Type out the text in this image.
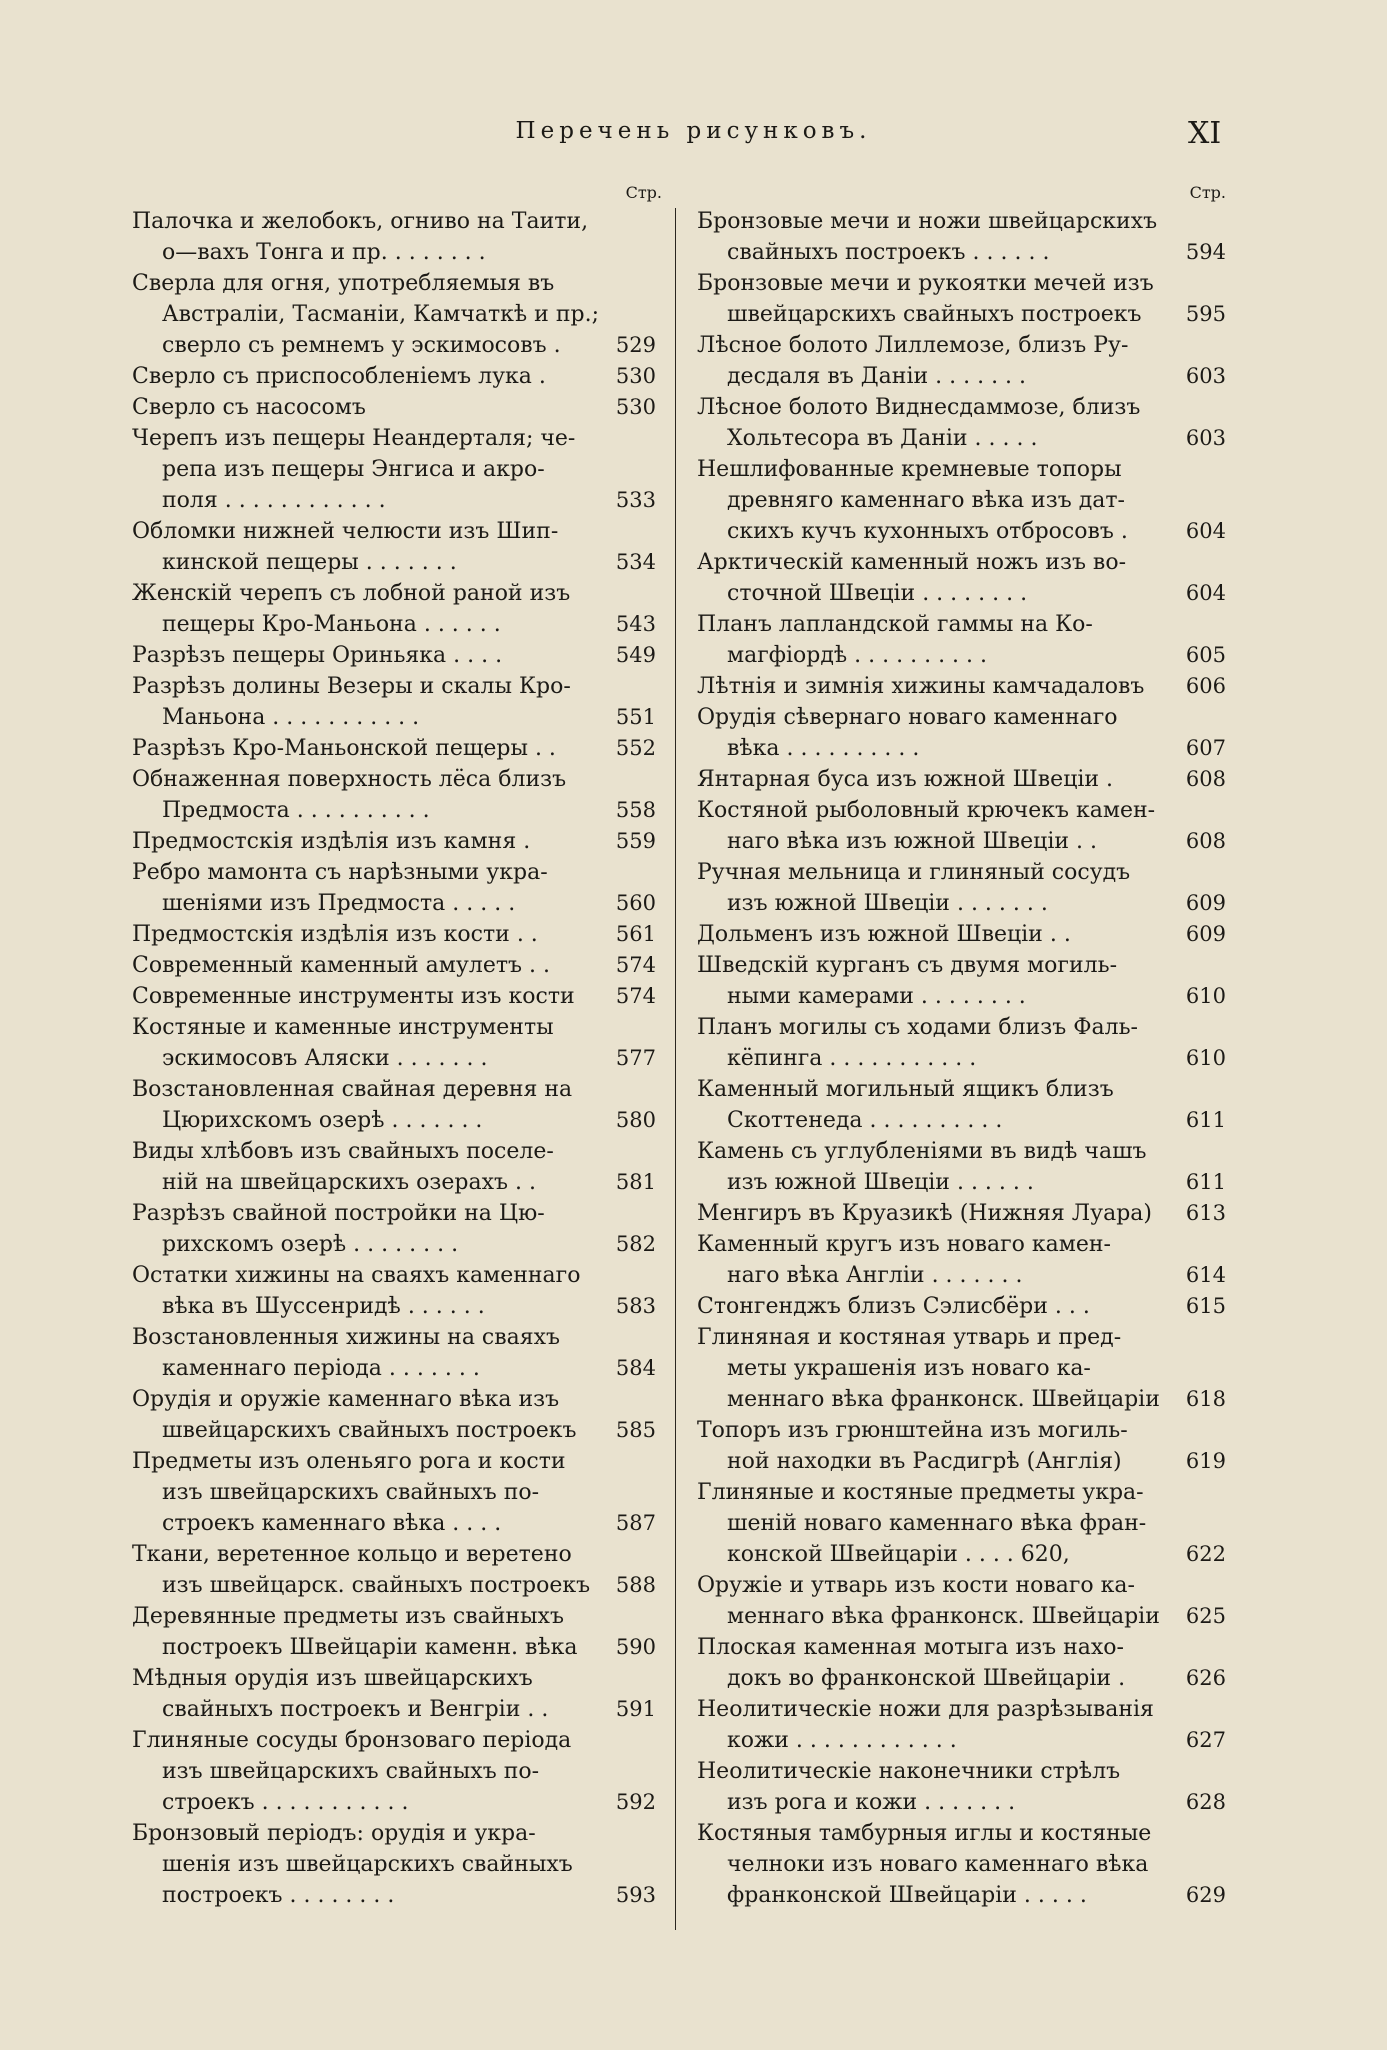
Перечень рисунковъ.	XI
Стр.
Палочка и желобокъ, огниво на Таити,
о—вахъ Тонга и пр. . . . . . . .
Сверла для огня, употребляемыя въ
Австраліи, Тасманіи, Камчаткѣ и пр.;
сверло съ ремнемъ у эскимосовъ .	529
Сверло съ приспособленіемъ лука .	530
Сверло съ насосомъ	530
Черепъ изъ пещеры Неандерталя; че-
репа изъ пещеры Энгиса и акро-
поля . . . . . . . . . . . .	533
Обломки нижней челюсти изъ Шип-
кинской пещеры . . . . . . .	534
Женскій черепъ съ лобной раной изъ
пещеры Кро-Маньона . . . . . .	543
Разрѣзъ пещеры Ориньяка . . . .	549
Разрѣзъ долины Везеры и скалы Кро-
Маньона . . . . . . . . . . .	551
Разрѣзъ Кро-Маньонской пещеры . .	552
Обнаженная поверхность лёса близъ
Предмоста . . . . . . . . . .	558
Предмостскія издѣлія изъ камня .	559
Ребро мамонта съ нарѣзными укра-
шеніями изъ Предмоста . . . . .	560
Предмостскія издѣлія изъ кости . .	561
Современный каменный амулетъ . .	574
Современные инструменты изъ кости	574
Костяные и каменные инструменты
эскимосовъ Аляски . . . . . . .	577
Возстановленная свайная деревня на
Цюрихскомъ озерѣ . . . . . . .	580
Виды хлѣбовъ изъ свайныхъ поселе-
ній на швейцарскихъ озерахъ . .	581
Разрѣзъ свайной постройки на Цю-
рихскомъ озерѣ . . . . . . . .	582
Остатки хижины на сваяхъ каменнаго
вѣка въ Шуссенридѣ . . . . . .	583
Возстановленныя хижины на сваяхъ
каменнаго періода . . . . . . .	584
Орудія и оружіе каменнаго вѣка изъ
швейцарскихъ свайныхъ построекъ	585
Предметы изъ оленьяго рога и кости
изъ швейцарскихъ свайныхъ по-
строекъ каменнаго вѣка . . . .	587
Ткани, веретенное кольцо и веретено
изъ швейцарск. свайныхъ построекъ	588
Деревянные предметы изъ свайныхъ
построекъ Швейцаріи каменн. вѣка	590
Мѣдныя орудія изъ швейцарскихъ
свайныхъ построекъ и Венгріи . .	591
Глиняные сосуды бронзоваго періода
изъ швейцарскихъ свайныхъ по-
строекъ . . . . . . . . . . .	592
Бронзовый періодъ: орудія и укра-
шенія изъ швейцарскихъ свайныхъ
построекъ . . . . . . . .	593
Стр.
Бронзовые мечи и ножи швейцарскихъ
свайныхъ построекъ . . . . . .	594
Бронзовые мечи и рукоятки мечей изъ
швейцарскихъ свайныхъ построекъ	595
Лѣсное болото Лиллемозе, близъ Ру-
десдаля въ Даніи . . . . . . .	603
Лѣсное болото Виднесдаммозе, близъ
Хольтесора въ Даніи . . . . .	603
Нешлифованные кремневые топоры
древняго каменнаго вѣка изъ дат-
скихъ кучъ кухонныхъ отбросовъ .	604
Арктическій каменный ножъ изъ во-
сточной Швеціи . . . . . . . .	604
Планъ лапландской гаммы на Ко-
магфіордѣ . . . . . . . . . .	605
Лѣтнія и зимнія хижины камчадаловъ	606
Орудія сѣвернаго новаго каменнаго
вѣка . . . . . . . . . .	607
Янтарная буса изъ южной Швеціи .	608
Костяной рыболовный крючекъ камен-
наго вѣка изъ южной Швеціи . .	608
Ручная мельница и глиняный сосудъ
изъ южной Швеціи . . . . . . .	609
Дольменъ изъ южной Швеціи . .	609
Шведскій курганъ съ двумя могиль-
ными камерами . . . . . . . .	610
Планъ могилы съ ходами близъ Фаль-
кёпинга . . . . . . . . . . .	610
Каменный могильный ящикъ близъ
Скоттенеда . . . . . . . . . .	611
Камень съ углубленіями въ видѣ чашъ
изъ южной Швеціи . . . . . .	611
Менгиръ въ Круазикѣ (Нижняя Луара)	613
Каменный кругъ изъ новаго камен-
наго вѣка Англіи . . . . . . .	614
Стонгенджъ близъ Сэлисбёри . . .	615
Глиняная и костяная утварь и пред-
меты украшенія изъ новаго ка-
меннаго вѣка франконск. Швейцаріи	618
Топоръ изъ грюнштейна изъ могиль-
ной находки въ Расдигрѣ (Англія)	619
Глиняные и костяные предметы укра-
шеній новаго каменнаго вѣка фран-
конской Швейцаріи . . . . 620,	622
Оружіе и утварь изъ кости новаго ка-
меннаго вѣка франконск. Швейцаріи	625
Плоская каменная мотыга изъ нахо-
докъ во франконской Швейцаріи .	626
Неолитическіе ножи для разрѣзыванія
кожи . . . . . . . . . . . .	627
Неолитическіе наконечники стрѣлъ
изъ рога и кожи . . . . . . .	628
Костяныя тамбурныя иглы и костяные
челноки изъ новаго каменнаго вѣка
франконской Швейцаріи . . . . .	629
